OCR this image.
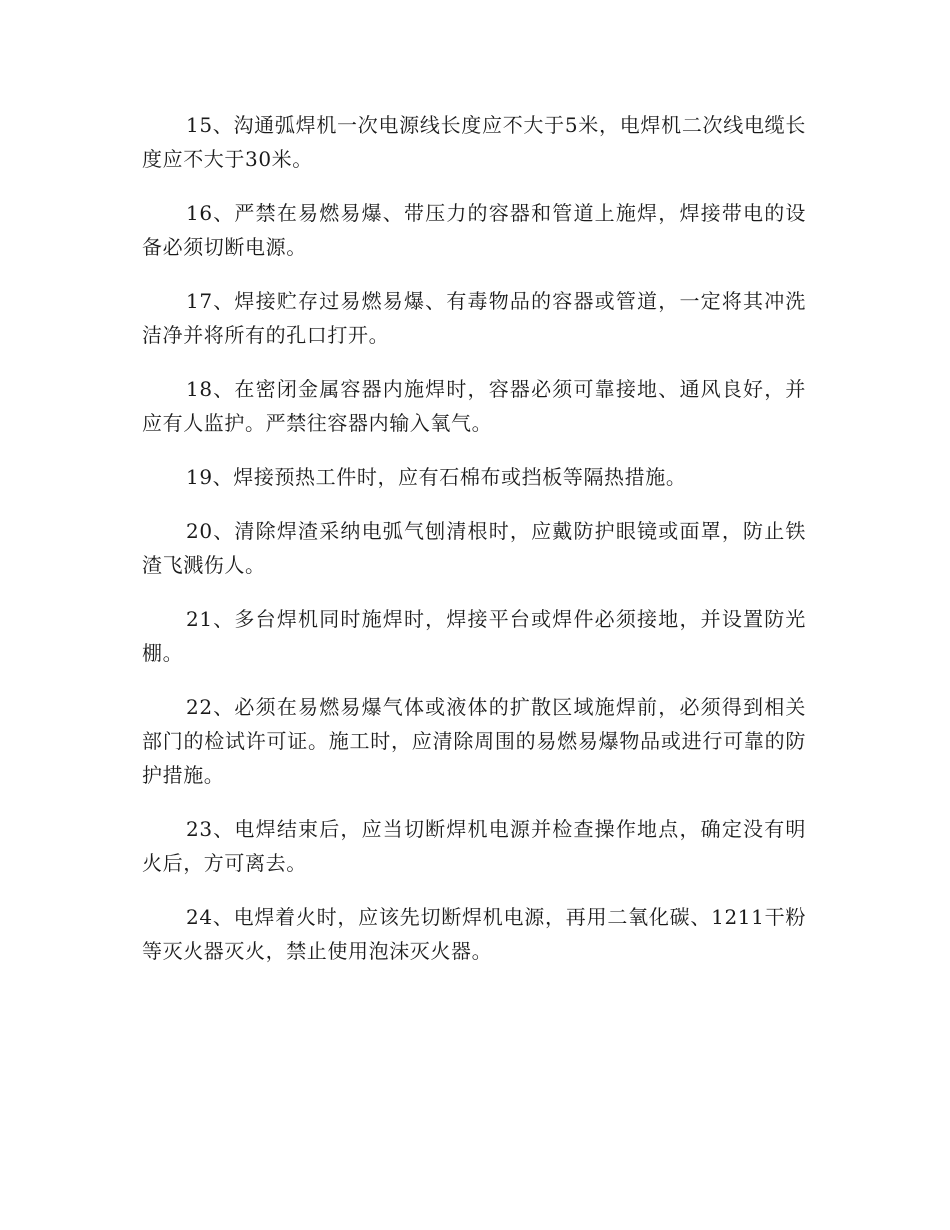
15、沟通弧焊机一次电源线长度应不大于5米，电焊机二次线电缆长度应不大于30米。

16、严禁在易燃易爆、带压力的容器和管道上施焊，焊接带电的设备必须切断电源。

17、焊接贮存过易燃易爆、有毒物品的容器或管道，一定将其冲洗洁净并将所有的孔口打开。

18、在密闭金属容器内施焊时，容器必须可靠接地、通风良好，并应有人监护。严禁往容器内输入氧气。

19、焊接预热工件时，应有石棉布或挡板等隔热措施。

20、清除焊渣采纳电弧气刨清根时，应戴防护眼镜或面罩，防止铁渣飞溅伤人。

21、多台焊机同时施焊时，焊接平台或焊件必须接地，并设置防光棚。

22、必须在易燃易爆气体或液体的扩散区域施焊前，必须得到相关部门的检试许可证。施工时，应清除周围的易燃易爆物品或进行可靠的防护措施。

23、电焊结束后，应当切断焊机电源并检查操作地点，确定没有明火后，方可离去。

24、电焊着火时，应该先切断焊机电源，再用二氧化碳、1211干粉等灭火器灭火，禁止使用泡沫灭火器。
